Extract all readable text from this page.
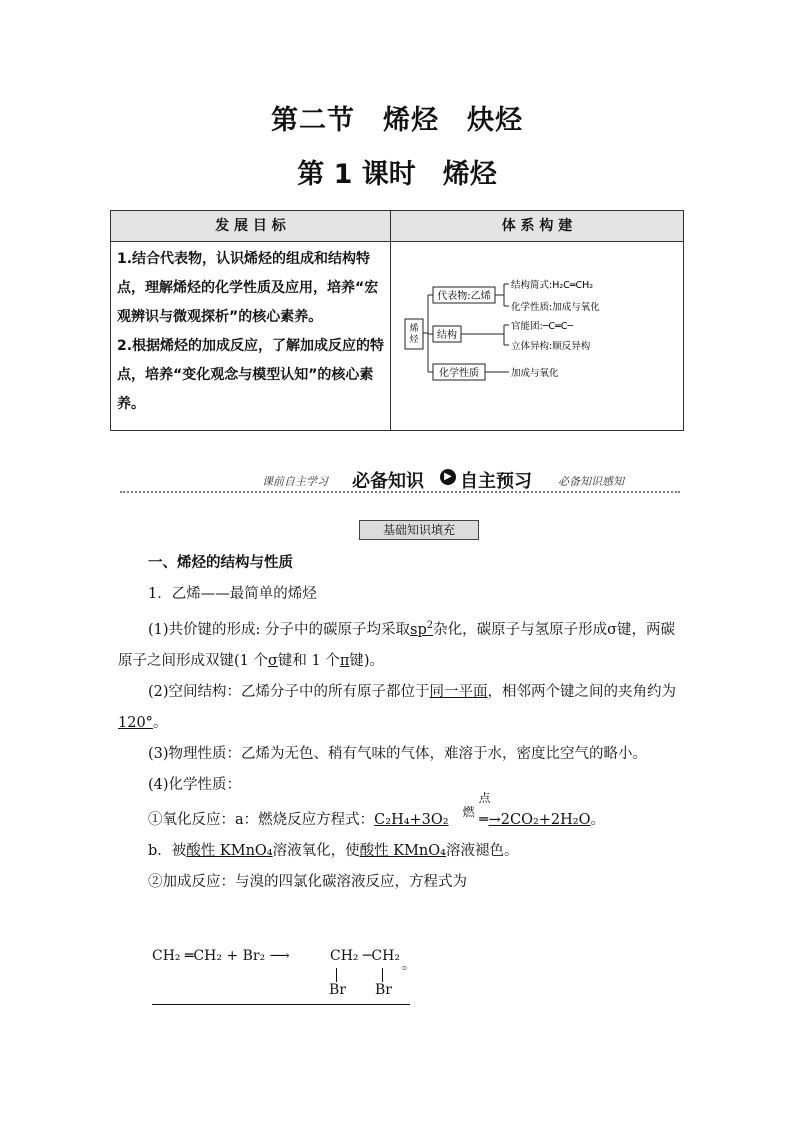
第二节　烯烃　炔烃
第 1 课时　烯烃
发 展 目 标	体 系 构 建

1.结合代表物，认识烯烃的组成和结构特点，理解烯烃的化学性质及应用，培养“宏观辨识与微观探析”的核心素养。

2.根据烯烃的加成反应，了解加成反应的特点，培养“变化观念与模型认知”的核心素养。

烯烃
代表物:乙烯
结构简式:H₂C═CH₂
化学性质:加成与氧化
结构
官能团:─C═C─
立体异构:顺反异构
化学性质	加成与氧化
课前自主学习 必备知识	▶ 自主预习 必备知识感知
基础知识填充

一、烯烃的结构与性质

1．乙烯——最简单的烯烃

(1)共价键的形成: 分子中的碳原子均采取$sp^2$杂化，碳原子与氢原子形成σ键，两碳原子之间形成双键(1 个σ键和 1 个π键)。

(2)空间结构：乙烯分子中的所有原子都位于同一平面，相邻两个键之间的夹角约为120°。

(3)物理性质：乙烯为无色、稍有气味的气体，难溶于水，密度比空气的略小。

(4)化学性质：

①氧化反应：a：燃烧反应方程式：C₂H₄+3O₂
点燃 ═→2CO₂+2H₂O。

b．被酸性 KMnO₄溶液氧化，使酸性 KMnO₄溶液褪色。

②加成反应：与溴的四氯化碳溶液反应，方程式为

CH₂ ═CH₂ + Br₂ ⟶	CH₂ ─CH₂
。
Br Br
